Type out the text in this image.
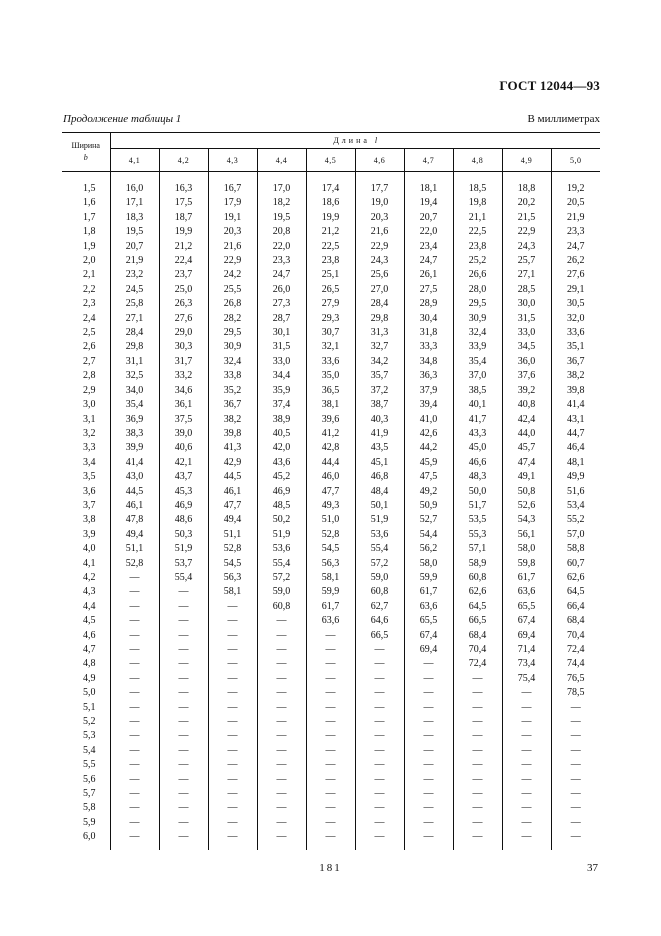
ГОСТ 12044—93
Продолжение таблицы 1	В миллиметрах
Ширина
b	Длина l									
	4,1	4,2	4,3	4,4	4,5	4,6	4,7	4,8	4,9	5,0

1,5	16,0	16,3	16,7	17,0	17,4	17,7	18,1	18,5	18,8	19,2
1,6	17,1	17,5	17,9	18,2	18,6	19,0	19,4	19,8	20,2	20,5
1,7	18,3	18,7	19,1	19,5	19,9	20,3	20,7	21,1	21,5	21,9
1,8	19,5	19,9	20,3	20,8	21,2	21,6	22,0	22,5	22,9	23,3
1,9	20,7	21,2	21,6	22,0	22,5	22,9	23,4	23,8	24,3	24,7
2,0	21,9	22,4	22,9	23,3	23,8	24,3	24,7	25,2	25,7	26,2
2,1	23,2	23,7	24,2	24,7	25,1	25,6	26,1	26,6	27,1	27,6
2,2	24,5	25,0	25,5	26,0	26,5	27,0	27,5	28,0	28,5	29,1
2,3	25,8	26,3	26,8	27,3	27,9	28,4	28,9	29,5	30,0	30,5
2,4	27,1	27,6	28,2	28,7	29,3	29,8	30,4	30,9	31,5	32,0
2,5	28,4	29,0	29,5	30,1	30,7	31,3	31,8	32,4	33,0	33,6
2,6	29,8	30,3	30,9	31,5	32,1	32,7	33,3	33,9	34,5	35,1
2,7	31,1	31,7	32,4	33,0	33,6	34,2	34,8	35,4	36,0	36,7
2,8	32,5	33,2	33,8	34,4	35,0	35,7	36,3	37,0	37,6	38,2
2,9	34,0	34,6	35,2	35,9	36,5	37,2	37,9	38,5	39,2	39,8
3,0	35,4	36,1	36,7	37,4	38,1	38,7	39,4	40,1	40,8	41,4
3,1	36,9	37,5	38,2	38,9	39,6	40,3	41,0	41,7	42,4	43,1
3,2	38,3	39,0	39,8	40,5	41,2	41,9	42,6	43,3	44,0	44,7
3,3	39,9	40,6	41,3	42,0	42,8	43,5	44,2	45,0	45,7	46,4
3,4	41,4	42,1	42,9	43,6	44,4	45,1	45,9	46,6	47,4	48,1
3,5	43,0	43,7	44,5	45,2	46,0	46,8	47,5	48,3	49,1	49,9
3,6	44,5	45,3	46,1	46,9	47,7	48,4	49,2	50,0	50,8	51,6
3,7	46,1	46,9	47,7	48,5	49,3	50,1	50,9	51,7	52,6	53,4
3,8	47,8	48,6	49,4	50,2	51,0	51,9	52,7	53,5	54,3	55,2
3,9	49,4	50,3	51,1	51,9	52,8	53,6	54,4	55,3	56,1	57,0
4,0	51,1	51,9	52,8	53,6	54,5	55,4	56,2	57,1	58,0	58,8
4,1	52,8	53,7	54,5	55,4	56,3	57,2	58,0	58,9	59,8	60,7
4,2	—	55,4	56,3	57,2	58,1	59,0	59,9	60,8	61,7	62,6
4,3	—	—	58,1	59,0	59,9	60,8	61,7	62,6	63,6	64,5
4,4	—	—	—	60,8	61,7	62,7	63,6	64,5	65,5	66,4
4,5	—	—	—	—	63,6	64,6	65,5	66,5	67,4	68,4
4,6	—	—	—	—	—	66,5	67,4	68,4	69,4	70,4
4,7	—	—	—	—	—	—	69,4	70,4	71,4	72,4
4,8	—	—	—	—	—	—	—	72,4	73,4	74,4
4,9	—	—	—	—	—	—	—	—	75,4	76,5
5,0	—	—	—	—	—	—	—	—	—	78,5
5,1	—	—	—	—	—	—	—	—	—	—
5,2	—	—	—	—	—	—	—	—	—	—
5,3	—	—	—	—	—	—	—	—	—	—
5,4	—	—	—	—	—	—	—	—	—	—
5,5	—	—	—	—	—	—	—	—	—	—
5,6	—	—	—	—	—	—	—	—	—	—
5,7	—	—	—	—	—	—	—	—	—	—
5,8	—	—	—	—	—	—	—	—	—	—
5,9	—	—	—	—	—	—	—	—	—	—
6,0	—	—	—	—	—	—	—	—	—	—
181	37
